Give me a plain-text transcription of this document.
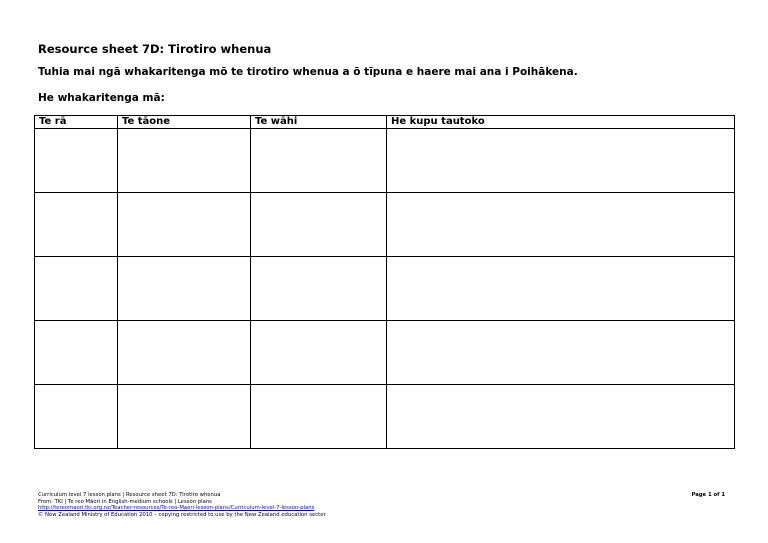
Resource sheet 7D: Tirotiro whenua
Tuhia mai ngā whakaritenga mō te tirotiro whenua a ō tīpuna e haere mai ana i Poihākena.
He whakaritenga mā:
Te rā	Te tāone	Te wāhi	He kupu tautoko

Curriculum level 7 lesson plans | Resource sheet 7D: Tirotiro whenua
From: TKI | Te reo Māori in English-medium schools | Lesson plans
http://tereomaori.tki.org.nz/Teacher-resources/Te-reo-Maori-lesson-plans/Curriculum-level-7-lesson-plans
© New Zealand Ministry of Education 2010 – copying restricted to use by the New Zealand education sector
Page 1 of 1
